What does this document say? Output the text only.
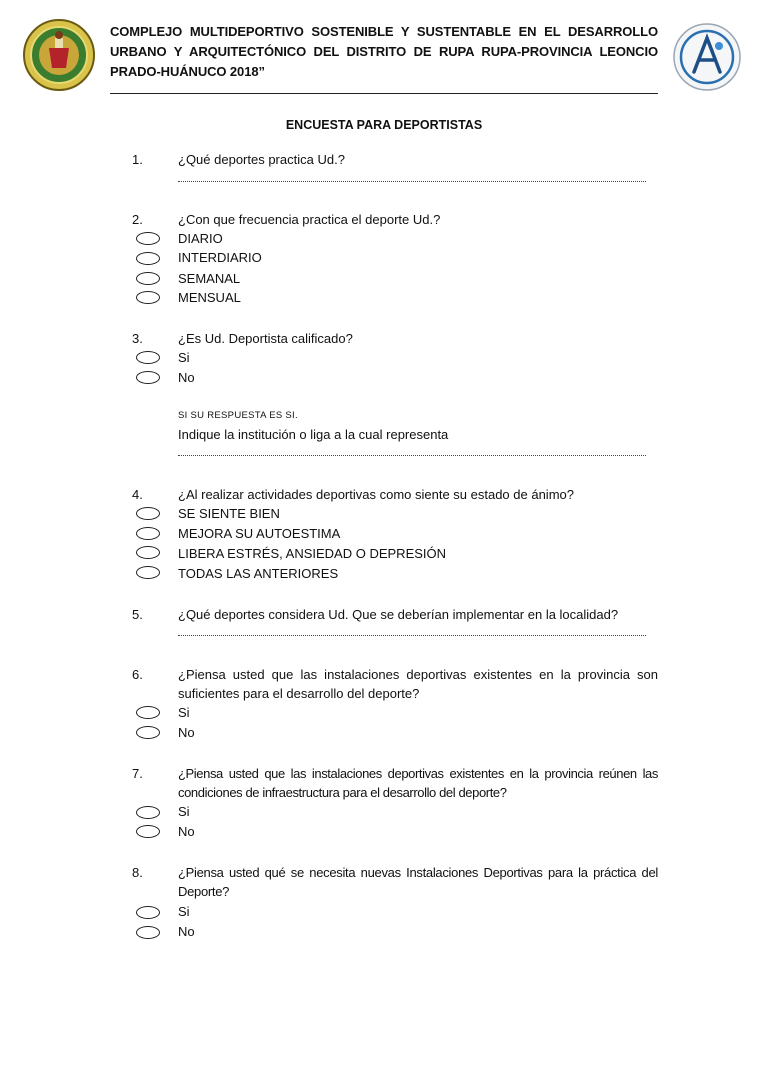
COMPLEJO MULTIDEPORTIVO SOSTENIBLE Y SUSTENTABLE EN EL DESARROLLO URBANO Y ARQUITECTÓNICO DEL DISTRITO DE RUPA RUPA-PROVINCIA LEONCIO PRADO-HUÁNUCO 2018”
ENCUESTA PARA DEPORTISTAS
1.	¿Qué deportes practica Ud.?
2.	¿Con que frecuencia practica el deporte Ud.?
DIARIO
INTERDIARIO
SEMANAL
MENSUAL
3.	¿Es Ud. Deportista calificado?
Si
No
SI SU RESPUESTA ES SI.
Indique la institución o liga a la cual representa
4.	¿Al realizar actividades deportivas como siente su estado de ánimo?
SE SIENTE BIEN
MEJORA SU AUTOESTIMA
LIBERA ESTRÉS, ANSIEDAD O DEPRESIÓN
TODAS LAS ANTERIORES
5.	¿Qué deportes considera Ud. Que se deberían implementar en la localidad?
6.	¿Piensa usted que las instalaciones deportivas existentes en la provincia son suficientes para el desarrollo del deporte?
Si
No
7.	¿Piensa usted que las instalaciones deportivas existentes en la provincia reúnen las condiciones de infraestructura para el desarrollo del deporte?
Si
No
8.	¿Piensa usted qué se necesita nuevas Instalaciones Deportivas para la práctica del Deporte?
Si
No
